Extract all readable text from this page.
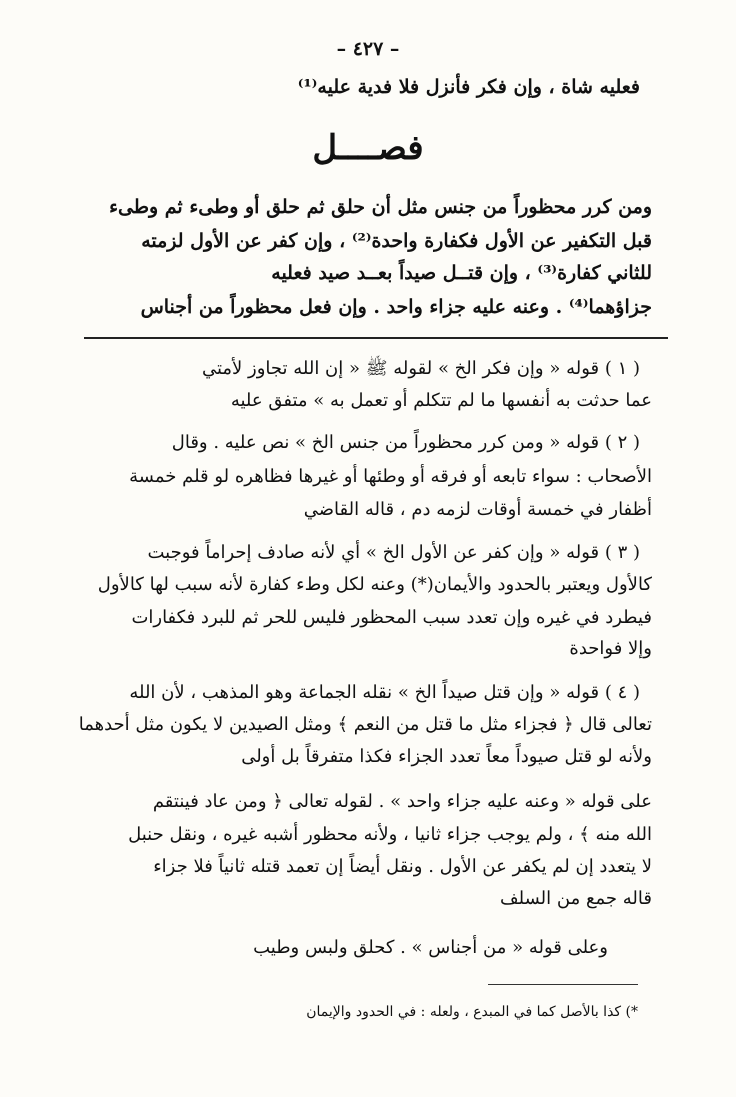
– ٤٢٧ –
فعليه شاة ، وإن فكر فأنزل فلا فدية عليه⁽¹⁾
فصــــل
ومن كرر محظوراً من جنس مثل أن حلق ثم حلق أو وطىء ثم وطىء
قبل التكفير عن الأول فكفارة واحدة⁽²⁾ ، وإن كفر عن الأول لزمته
للثاني كفارة⁽³⁾ ، وإن قتــل صيداً بعــد صيد فعليه
جزاؤهما⁽⁴⁾ . وعنه عليه جزاء واحد . وإن فعل محظوراً من أجناس
( ١ ) قوله « وإن فكر الخ » لقوله ﷺ « إن الله تجاوز لأمتي
عما حدثت به أنفسها ما لم تتكلم أو تعمل به » متفق عليه
( ٢ ) قوله « ومن كرر محظوراً من جنس الخ » نص عليه . وقال
الأصحاب : سواء تابعه أو فرقه أو وطئها أو غيرها فظاهره لو قلم خمسة
أظفار في خمسة أوقات لزمه دم ، قاله القاضي
( ٣ ) قوله « وإن كفر عن الأول الخ » أي لأنه صادف إحراماً فوجبت
كالأول ويعتبر بالحدود والأيمان(*) وعنه لكل وطء كفارة لأنه سبب لها كالأول
فيطرد في غيره وإن تعدد سبب المحظور فليس للحر ثم للبرد فكفارات
وإلا فواحدة
( ٤ ) قوله « وإن قتل صيداً الخ » نقله الجماعة وهو المذهب ، لأن الله
تعالى قال ﴿ فجزاء مثل ما قتل من النعم ﴾ ومثل الصيدين لا يكون مثل أحدهما
ولأنه لو قتل صيوداً معاً تعدد الجزاء فكذا متفرقاً بل أولى
على قوله « وعنه عليه جزاء واحد » . لقوله تعالى ﴿ ومن عاد فينتقم
الله منه ﴾ ، ولم يوجب جزاء ثانيا ، ولأنه محظور أشبه غيره ، ونقل حنبل
لا يتعدد إن لم يكفر عن الأول . ونقل أيضاً إن تعمد قتله ثانياً فلا جزاء
قاله جمع من السلف
وعلى قوله « من أجناس » . كحلق ولبس وطيب
*) كذا بالأصل كما في المبدع ، ولعله : في الحدود والإيمان
